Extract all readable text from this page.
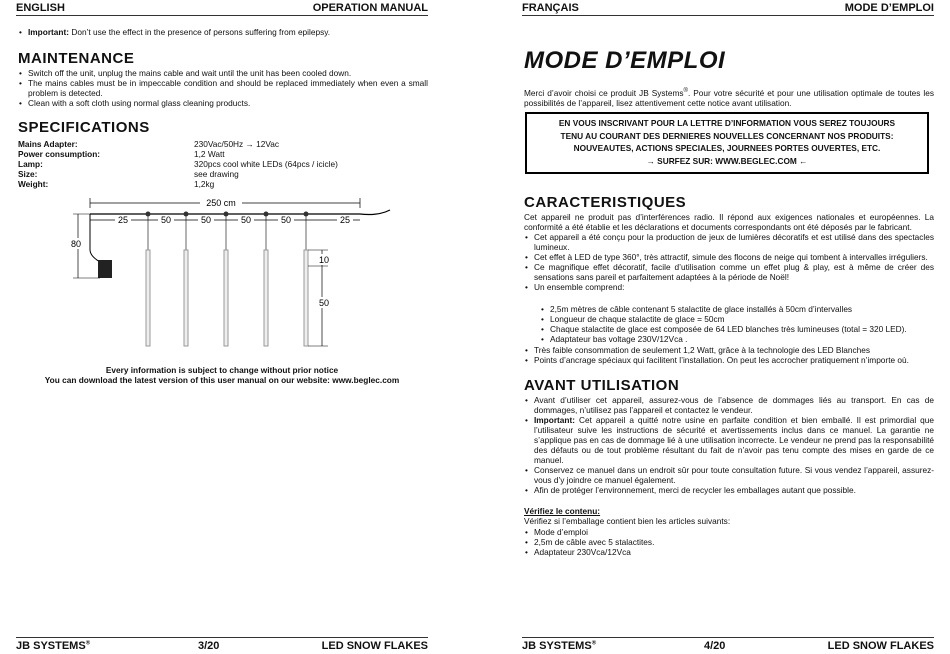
ENGLISH	OPERATION MANUAL
• Important: Don’t use the effect in the presence of persons suffering from epilepsy.
MAINTENANCE
• Switch off the unit, unplug the mains cable and wait until the unit has been cooled down.
• The mains cables must be in impeccable condition and should be replaced immediately when even a small problem is detected.
• Clean with a soft cloth using normal glass cleaning products.
SPECIFICATIONS
Mains Adapter:	230Vac/50Hz → 12Vac
Power consumption:	1,2 Watt
Lamp:	320pcs cool white LEDs (64pcs / icicle)
Size:	see drawing
Weight:	1,2kg
250 cm
25	50	50	50	50	25
80
10
50
Every information is subject to change without prior notice
You can download the latest version of this user manual on our website: www.beglec.com
JB SYSTEMS®	3/20	LED SNOW FLAKES
FRANÇAIS	MODE D’EMPLOI
MODE D’EMPLOI
Merci d’avoir choisi ce produit JB Systems®. Pour votre sécurité et pour une utilisation optimale de toutes les possibilités de l’appareil, lisez attentivement cette notice avant utilisation.
EN VOUS INSCRIVANT POUR LA LETTRE D’INFORMATION VOUS SEREZ TOUJOURS
TENU AU COURANT DES DERNIERES NOUVELLES CONCERNANT NOS PRODUITS:
NOUVEAUTES, ACTIONS SPECIALES, JOURNEES PORTES OUVERTES, ETC.
→ SURFEZ SUR: WWW.BEGLEC.COM ←
CARACTERISTIQUES
Cet appareil ne produit pas d’interférences radio. Il répond aux exigences nationales et européennes. La conformité a été établie et les déclarations et documents correspondants ont été déposés par le fabricant.
• Cet appareil a été conçu pour la production de jeux de lumières décoratifs et est utilisé dans des spectacles lumineux.
• Cet effet à LED de type 360°, très attractif, simule des flocons de neige qui tombent à intervalles irréguliers.
• Ce magnifique effet décoratif, facile d’utilisation comme un effet plug & play, est à même de créer des sensations sans pareil et parfaitement adaptées à la période de Noël!
• Un ensemble comprend:
• 2,5m mètres de câble contenant 5 stalactite de glace installés à 50cm d’intervalles
• Longueur de chaque stalactite de glace = 50cm
• Chaque stalactite de glace est composée de 64 LED blanches très lumineuses (total = 320 LED).
• Adaptateur bas voltage 230V/12Vca .
• Très faible consommation de seulement 1,2 Watt, grâce à la technologie des LED Blanches
• Points d’ancrage spéciaux qui facilitent l’installation. On peut les accrocher pratiquement n’importe où.
AVANT UTILISATION
• Avant d’utiliser cet appareil, assurez-vous de l’absence de dommages liés au transport. En cas de dommages, n’utilisez pas l’appareil et contactez le vendeur.
• Important: Cet appareil a quitté notre usine en parfaite condition et bien emballé. Il est primordial que l’utilisateur suive les instructions de sécurité et avertissements inclus dans ce manuel. La garantie ne s’applique pas en cas de dommage lié à une utilisation incorrecte. Le vendeur ne prend pas la responsabilité des défauts ou de tout problème résultant du fait de n’avoir pas tenu compte des mises en garde de ce manuel.
• Conservez ce manuel dans un endroit sûr pour toute consultation future. Si vous vendez l’appareil, assurez-vous d’y joindre ce manuel également.
• Afin de protéger l’environnement, merci de recycler les emballages autant que possible.
Vérifiez le contenu:
Vérifiez si l’emballage contient bien les articles suivants:
• Mode d’emploi
• 2,5m de câble avec 5 stalactites.
• Adaptateur 230Vca/12Vca
JB SYSTEMS®	4/20	LED SNOW FLAKES
